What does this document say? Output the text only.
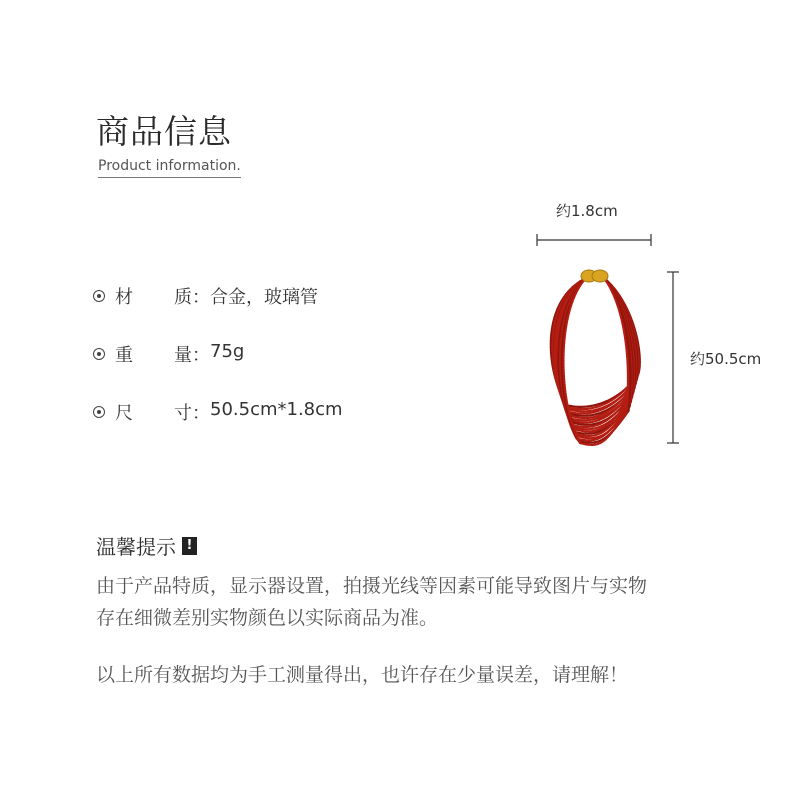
商品信息
Product information.
材 质： 合金，玻璃管
重 量： 75g
尺 寸： 50.5cm*1.8cm
约1.8cm
约50.5cm
温馨提示 !

由于产品特质，显示器设置，拍摄光线等因素可能导致图片与实物
存在细微差别实物颜色以实际商品为准。

以上所有数据均为手工测量得出，也许存在少量误差，请理解！
